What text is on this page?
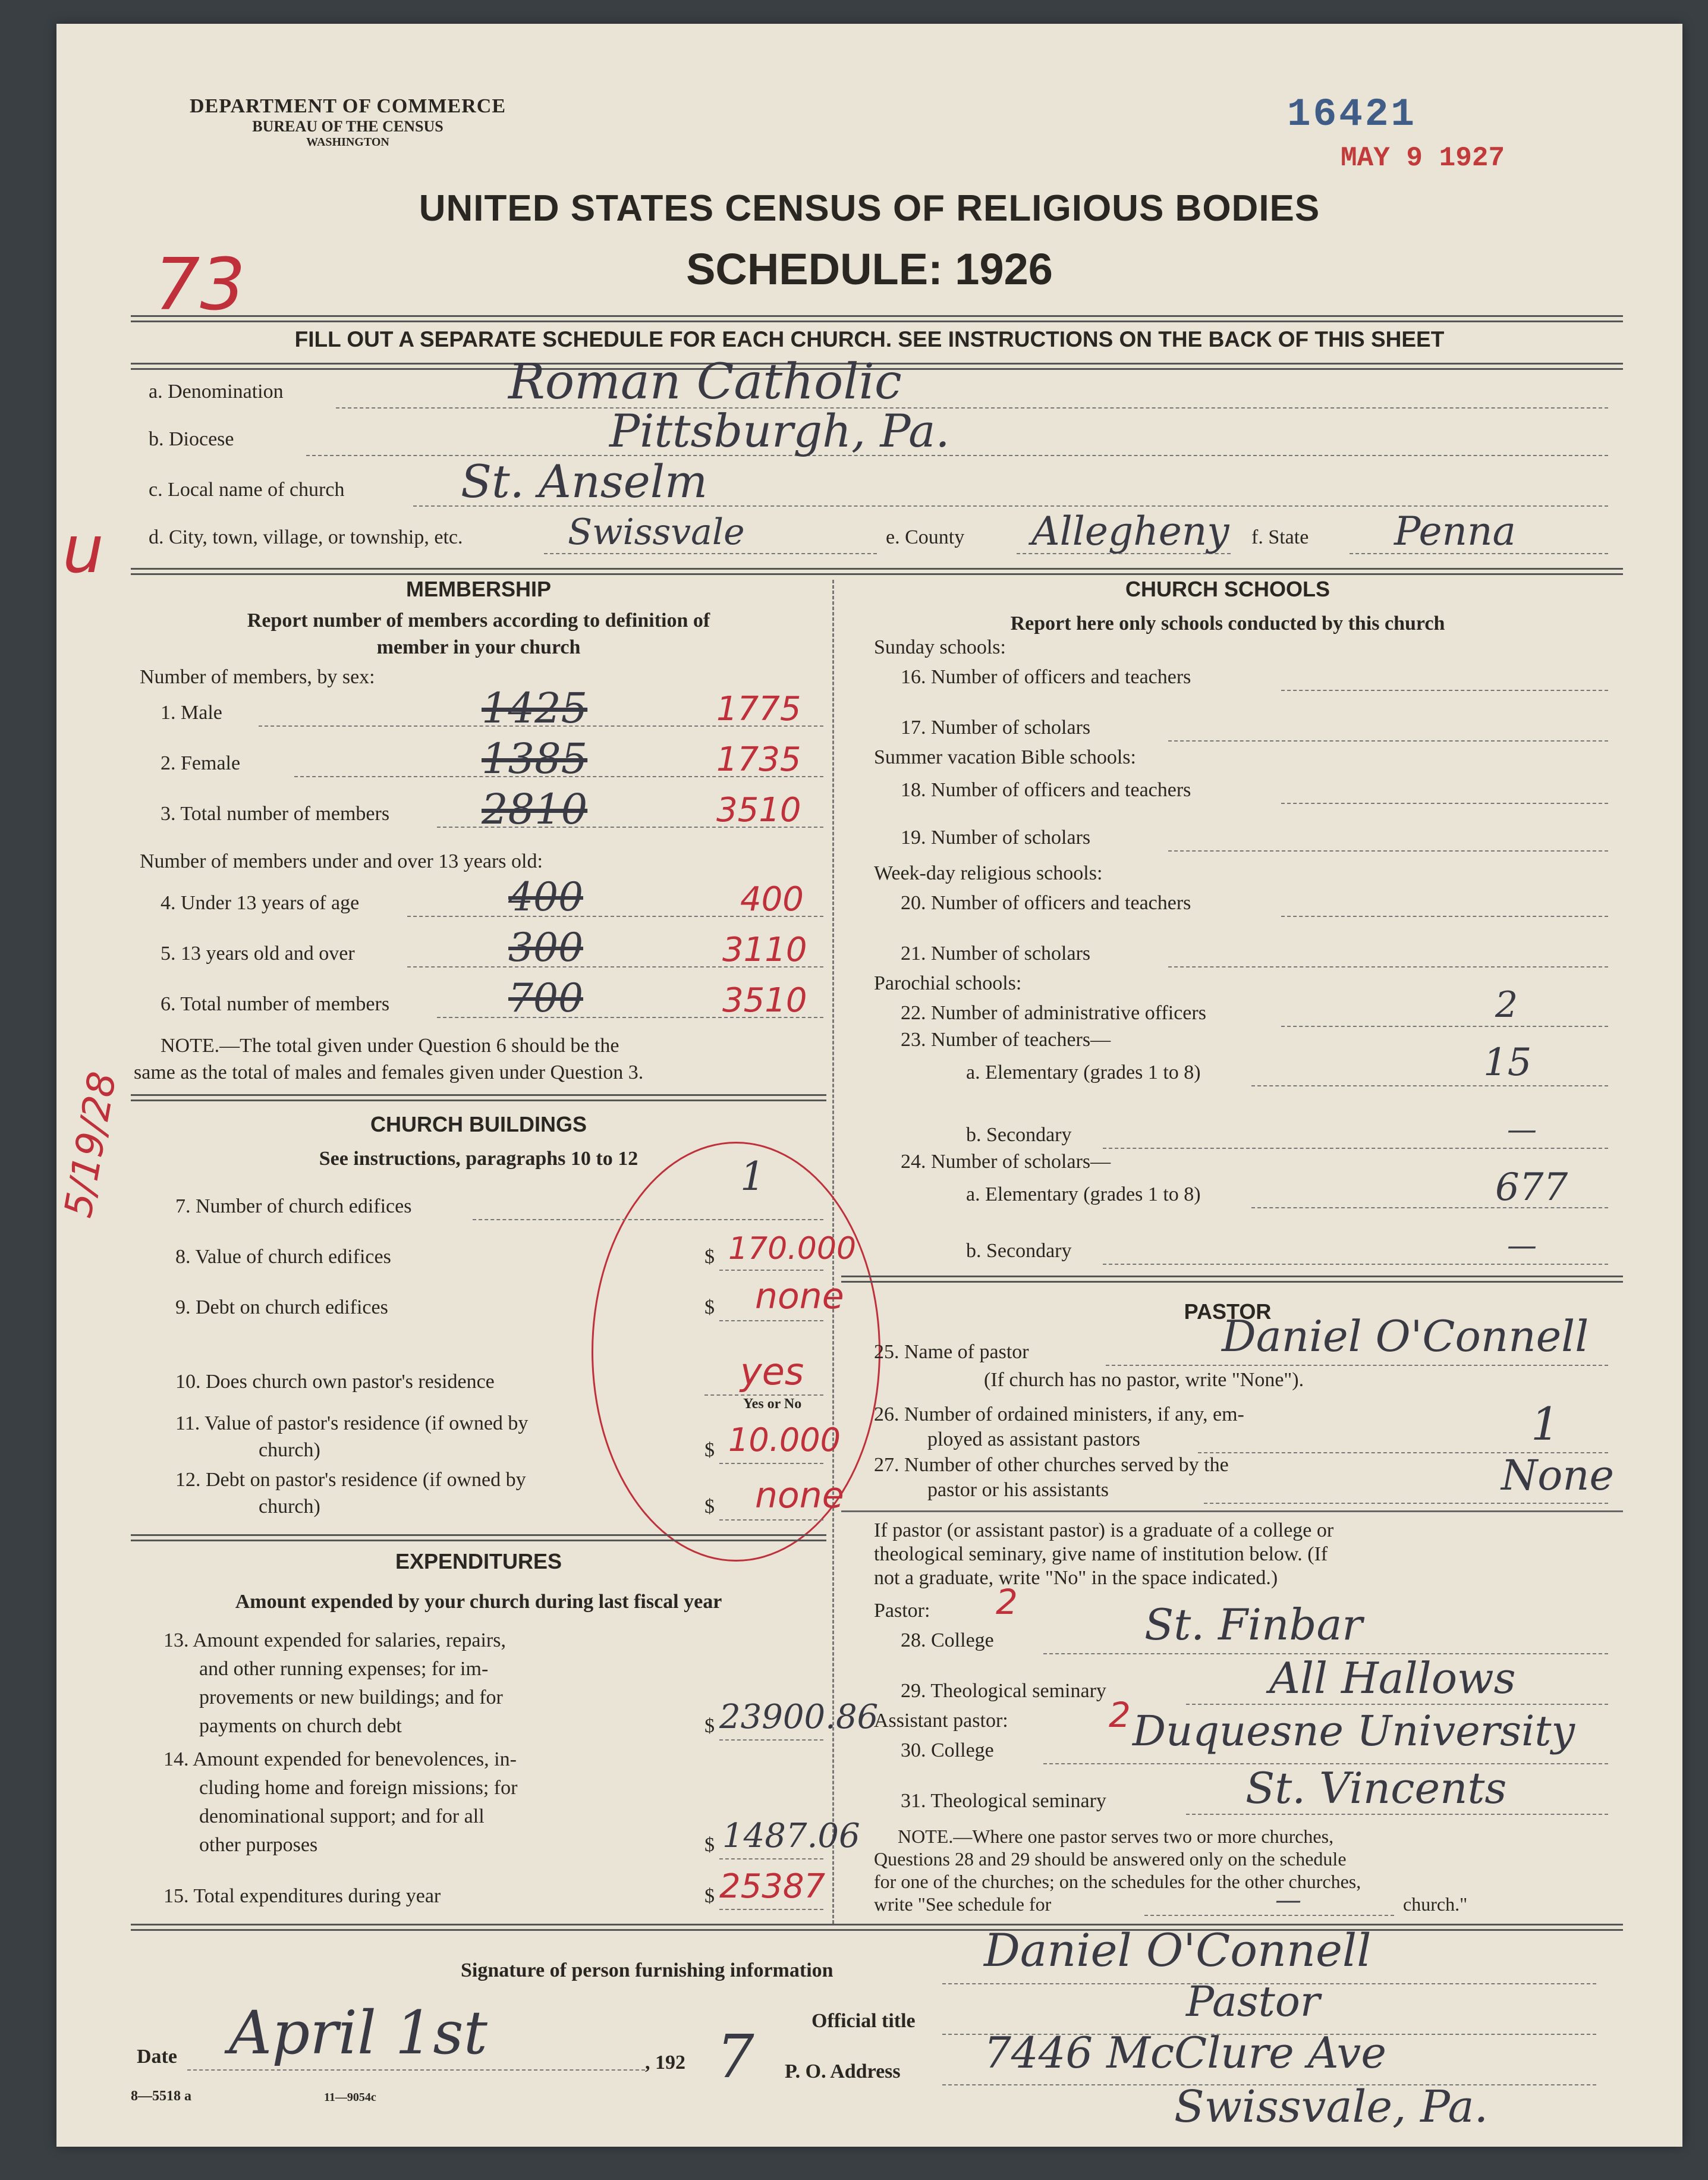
DEPARTMENT OF COMMERCE
BUREAU OF THE CENSUS
WASHINGTON
16421
MAY 9 1927
UNITED STATES CENSUS OF RELIGIOUS BODIES
SCHEDULE: 1926
73
FILL OUT A SEPARATE SCHEDULE FOR EACH CHURCH. SEE INSTRUCTIONS ON THE BACK OF THIS SHEET
a. Denomination	Roman Catholic
b. Diocese	Pittsburgh, Pa.
c. Local name of church	St. Anselm
u d. City, town, village, or township, etc.	Swissvale	e. County Allegheny f. State Penna
MEMBERSHIP
Report number of members according to definition of
member in your church
Number of members, by sex:
1. Male	1425	1775
2. Female	1385	1735
3. Total number of members 2810	3510
Number of members under and over 13 years old:
4. Under 13 years of age	400	400
5. 13 years old and over	300	3110
6. Total number of members	700	3510
NOTE.—The total given under Question 6 should be the
same as the total of males and females given under Question 3.
5/19/28	CHURCH BUILDINGS
See instructions, paragraphs 10 to 12
7. Number of church edifices
1
8. Value of church edifices	$ 170.000
9. Debt on church edifices	$ none
10. Does church own pastor's residence	yes
Yes or No
11. Value of pastor's residence (if owned by
church)	$ 10.000
12. Debt on pastor's residence (if owned by
church)	$ none
EXPENDITURES
Amount expended by your church during last fiscal year
13. Amount expended for salaries, repairs,
and other running expenses; for im-
provements or new buildings; and for
payments on church debt	$ 23900.86
14. Amount expended for benevolences, in-
cluding home and foreign missions; for
denominational support; and for all
other purposes	$ 1487.06
15. Total expenditures during year	$ 25387
CHURCH SCHOOLS
Report here only schools conducted by this church
Sunday schools:
16. Number of officers and teachers
17. Number of scholars
Summer vacation Bible schools:
18. Number of officers and teachers
19. Number of scholars
Week-day religious schools:
20. Number of officers and teachers
21. Number of scholars
Parochial schools:
22. Number of administrative officers	2
23. Number of teachers—
a. Elementary (grades 1 to 8)	15
b. Secondary	—
24. Number of scholars—
a. Elementary (grades 1 to 8)	677
b. Secondary	—
PASTOR
25. Name of pastor	Daniel O'Connell
(If church has no pastor, write "None").
26. Number of ordained ministers, if any, em-
ployed as assistant pastors	1
27. Number of other churches served by the
pastor or his assistants	None
If pastor (or assistant pastor) is a graduate of a college or
theological seminary, give name of institution below. (If
not a graduate, write "No" in the space indicated.)
Pastor: 2
28. College	St. Finbar
29. Theological seminary	All Hallows
Assistant pastor:	2
30. College	Duquesne University
31. Theological seminary	St. Vincents
NOTE.—Where one pastor serves two or more churches,
Questions 28 and 29 should be answered only on the schedule
for one of the churches; on the schedules for the other churches,
write "See schedule for	—	church."
Signature of person furnishing information	Daniel O'Connell
Official title	Pastor
Date April 1st	, 192 7 P. O. Address 7446 McClure Ave
Swissvale, Pa.
8—5518 a	11—9054c
